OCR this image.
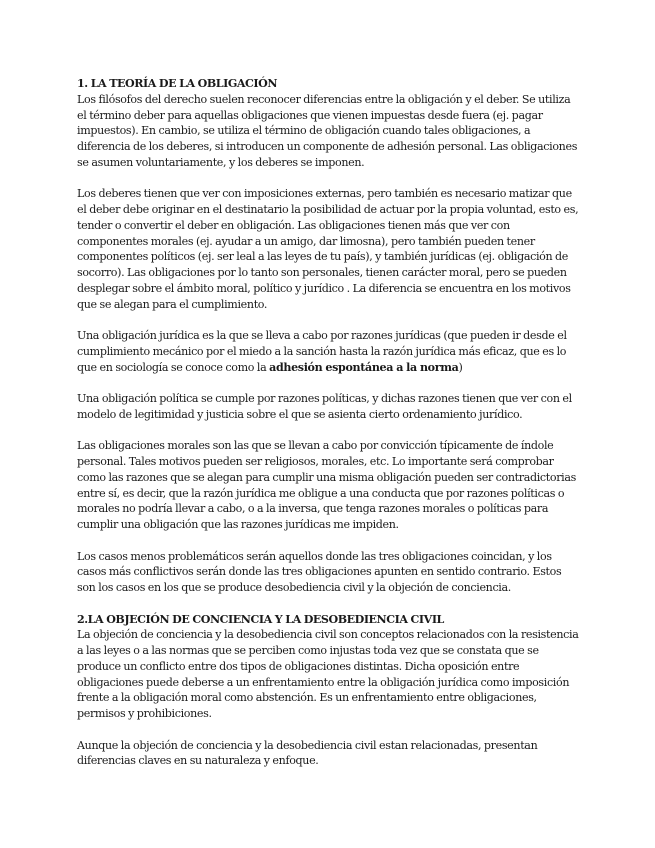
1. LA TEORÍA DE LA OBLIGACIÓN

Los filósofos del derecho suelen reconocer diferencias entre la obligación y el deber. Se utiliza el término deber para aquellas obligaciones que vienen impuestas desde fuera (ej. pagar impuestos). En cambio, se utiliza el término de obligación cuando tales obligaciones, a diferencia de los deberes, si introducen un componente de adhesión personal. Las obligaciones se asumen voluntariamente, y los deberes se imponen.

Los deberes tienen que ver con imposiciones externas, pero también es necesario matizar que el deber debe originar en el destinatario la posibilidad de actuar por la propia voluntad, esto es, tender o convertir el deber en obligación. Las obligaciones tienen más que ver con componentes morales (ej. ayudar a un amigo, dar limosna), pero también pueden tener componentes políticos (ej. ser leal a las leyes de tu país), y también jurídicas (ej. obligación de socorro). Las obligaciones por lo tanto son personales, tienen carácter moral, pero se pueden desplegar sobre el ámbito moral, político y jurídico . La diferencia se encuentra en los motivos que se alegan para el cumplimiento.

Una obligación jurídica es la que se lleva a cabo por razones jurídicas (que pueden ir desde el cumplimiento mecánico por el miedo a la sanción hasta la razón jurídica más eficaz, que es lo que en sociología se conoce como la adhesión espontánea a la norma)

Una obligación política se cumple por razones políticas, y dichas razones tienen que ver con el modelo de legitimidad y justicia sobre el que se asienta cierto ordenamiento jurídico.

Las obligaciones morales son las que se llevan a cabo por convicción típicamente de índole personal. Tales motivos pueden ser religiosos, morales, etc. Lo importante será comprobar como las razones que se alegan para cumplir una misma obligación pueden ser contradictorias entre sí, es decir, que la razón jurídica me obligue a una conducta que por razones políticas o morales no podría llevar a cabo, o a la inversa, que tenga razones morales o políticas para cumplir una obligación que las razones jurídicas me impiden.

Los casos menos problemáticos serán aquellos donde las tres obligaciones coincidan, y los casos más conflictivos serán donde las tres obligaciones apunten en sentido contrario. Estos son los casos en los que se produce desobediencia civil y la objeción de conciencia.

2.LA OBJECIÓN DE CONCIENCIA Y LA DESOBEDIENCIA CIVIL

La objeción de conciencia y la desobediencia civil son conceptos relacionados con la resistencia a las leyes o a las normas que se perciben como injustas toda vez que se constata que se produce un conflicto entre dos tipos de obligaciones distintas. Dicha oposición entre obligaciones puede deberse a un enfrentamiento entre la obligación jurídica como imposición frente a la obligación moral como abstención. Es un enfrentamiento entre obligaciones, permisos y prohibiciones.

Aunque la objeción de conciencia y la desobediencia civil estan relacionadas, presentan diferencias claves en su naturaleza y enfoque.
